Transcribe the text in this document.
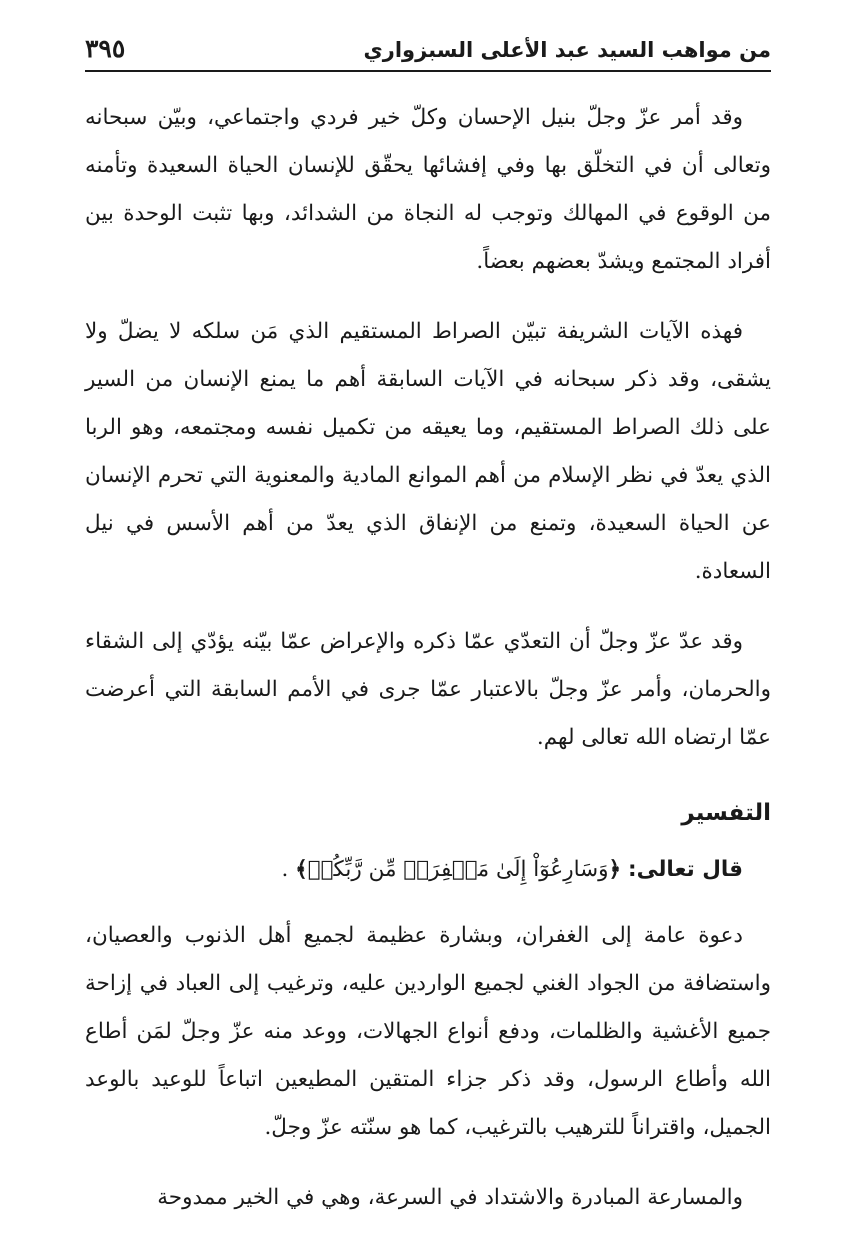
من مواهب السيد عبد الأعلى السبزواري
٣٩٥

وقد أمر عزّ وجلّ بنيل الإحسان وكلّ خير فردي واجتماعي، وبيّن سبحانه وتعالى أن في التخلّق بها وفي إفشائها يحقّق للإنسان الحياة السعيدة وتأمنه من الوقوع في المهالك وتوجب له النجاة من الشدائد، وبها تثبت الوحدة بين أفراد المجتمع ويشدّ بعضهم بعضاً.

فهذه الآيات الشريفة تبيّن الصراط المستقيم الذي مَن سلكه لا يضلّ ولا يشقى، وقد ذكر سبحانه في الآيات السابقة أهم ما يمنع الإنسان من السير على ذلك الصراط المستقيم، وما يعيقه من تكميل نفسه ومجتمعه، وهو الربا الذي يعدّ في نظر الإسلام من أهم الموانع المادية والمعنوية التي تحرم الإنسان عن الحياة السعيدة، وتمنع من الإنفاق الذي يعدّ من أهم الأسس في نيل السعادة.

وقد عدّ عزّ وجلّ أن التعدّي عمّا ذكره والإعراض عمّا بيّنه يؤدّي إلى الشقاء والحرمان، وأمر عزّ وجلّ بالاعتبار عمّا جرى في الأمم السابقة التي أعرضت عمّا ارتضاه الله تعالى لهم.

التفسير
قال تعالى: ﴿وَسَارِعُوٓاْ إِلَىٰ مَغۡفِرَةٖ مِّن رَّبِّكُمۡ﴾ .

دعوة عامة إلى الغفران، وبشارة عظيمة لجميع أهل الذنوب والعصيان، واستضافة من الجواد الغني لجميع الواردين عليه، وترغيب إلى العباد في إزاحة جميع الأغشية والظلمات، ودفع أنواع الجهالات، ووعد منه عزّ وجلّ لمَن أطاع الله وأطاع الرسول، وقد ذكر جزاء المتقين المطيعين اتباعاً للوعيد بالوعد الجميل، واقتراناً للترهيب بالترغيب، كما هو سنّته عزّ وجلّ.

والمسارعة المبادرة والاشتداد في السرعة، وهي في الخير ممدوحة
